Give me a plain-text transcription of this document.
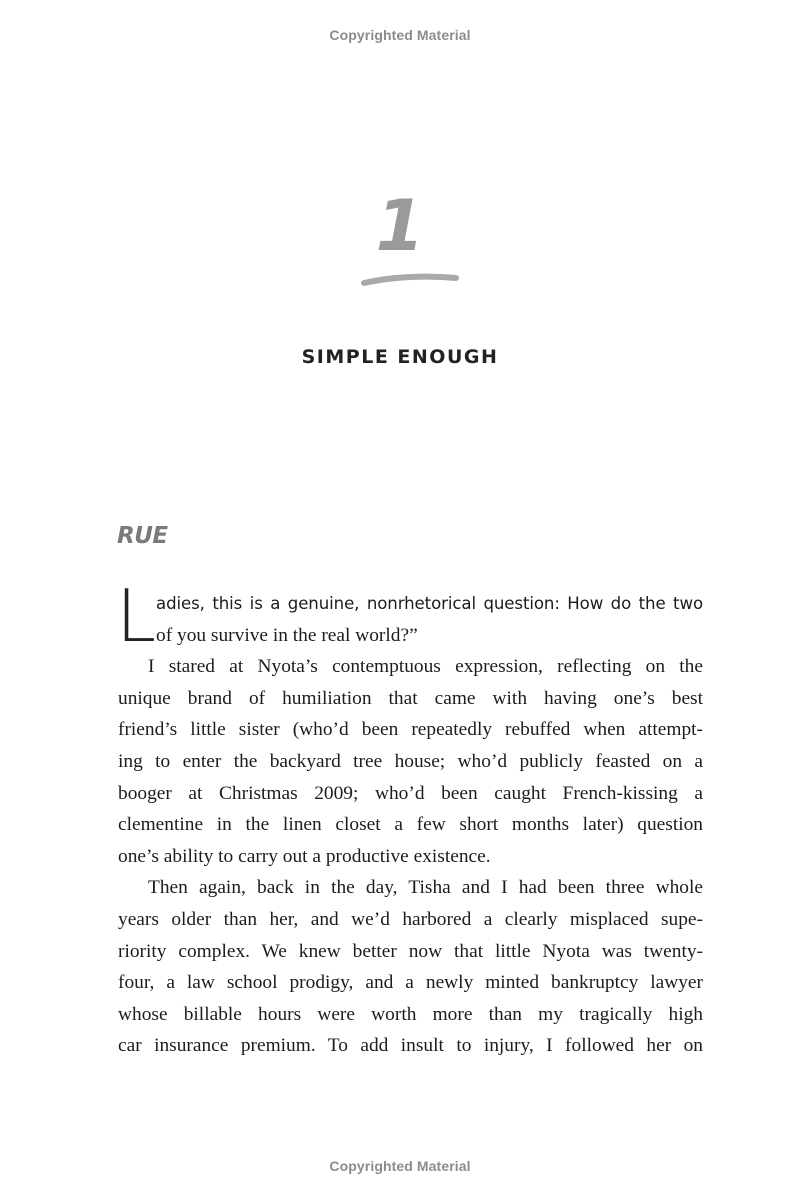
Copyrighted Material
1
SIMPLE ENOUGH
RUE
L adies, this is a genuine, nonrhetorical question: How do the two
of you survive in the real world?”
I stared at Nyota’s contemptuous expression, reflecting on the
unique brand of humiliation that came with having one’s best
friend’s little sister (who’d been repeatedly rebuffed when attempt-
ing to enter the backyard tree house; who’d publicly feasted on a
booger at Christmas 2009; who’d been caught French-kissing a
clementine in the linen closet a few short months later) question
one’s ability to carry out a productive existence.
Then again, back in the day, Tisha and I had been three whole
years older than her, and we’d harbored a clearly misplaced supe-
riority complex. We knew better now that little Nyota was twenty-
four, a law school prodigy, and a newly minted bankruptcy lawyer
whose billable hours were worth more than my tragically high
car insurance premium. To add insult to injury, I followed her on
Copyrighted Material
